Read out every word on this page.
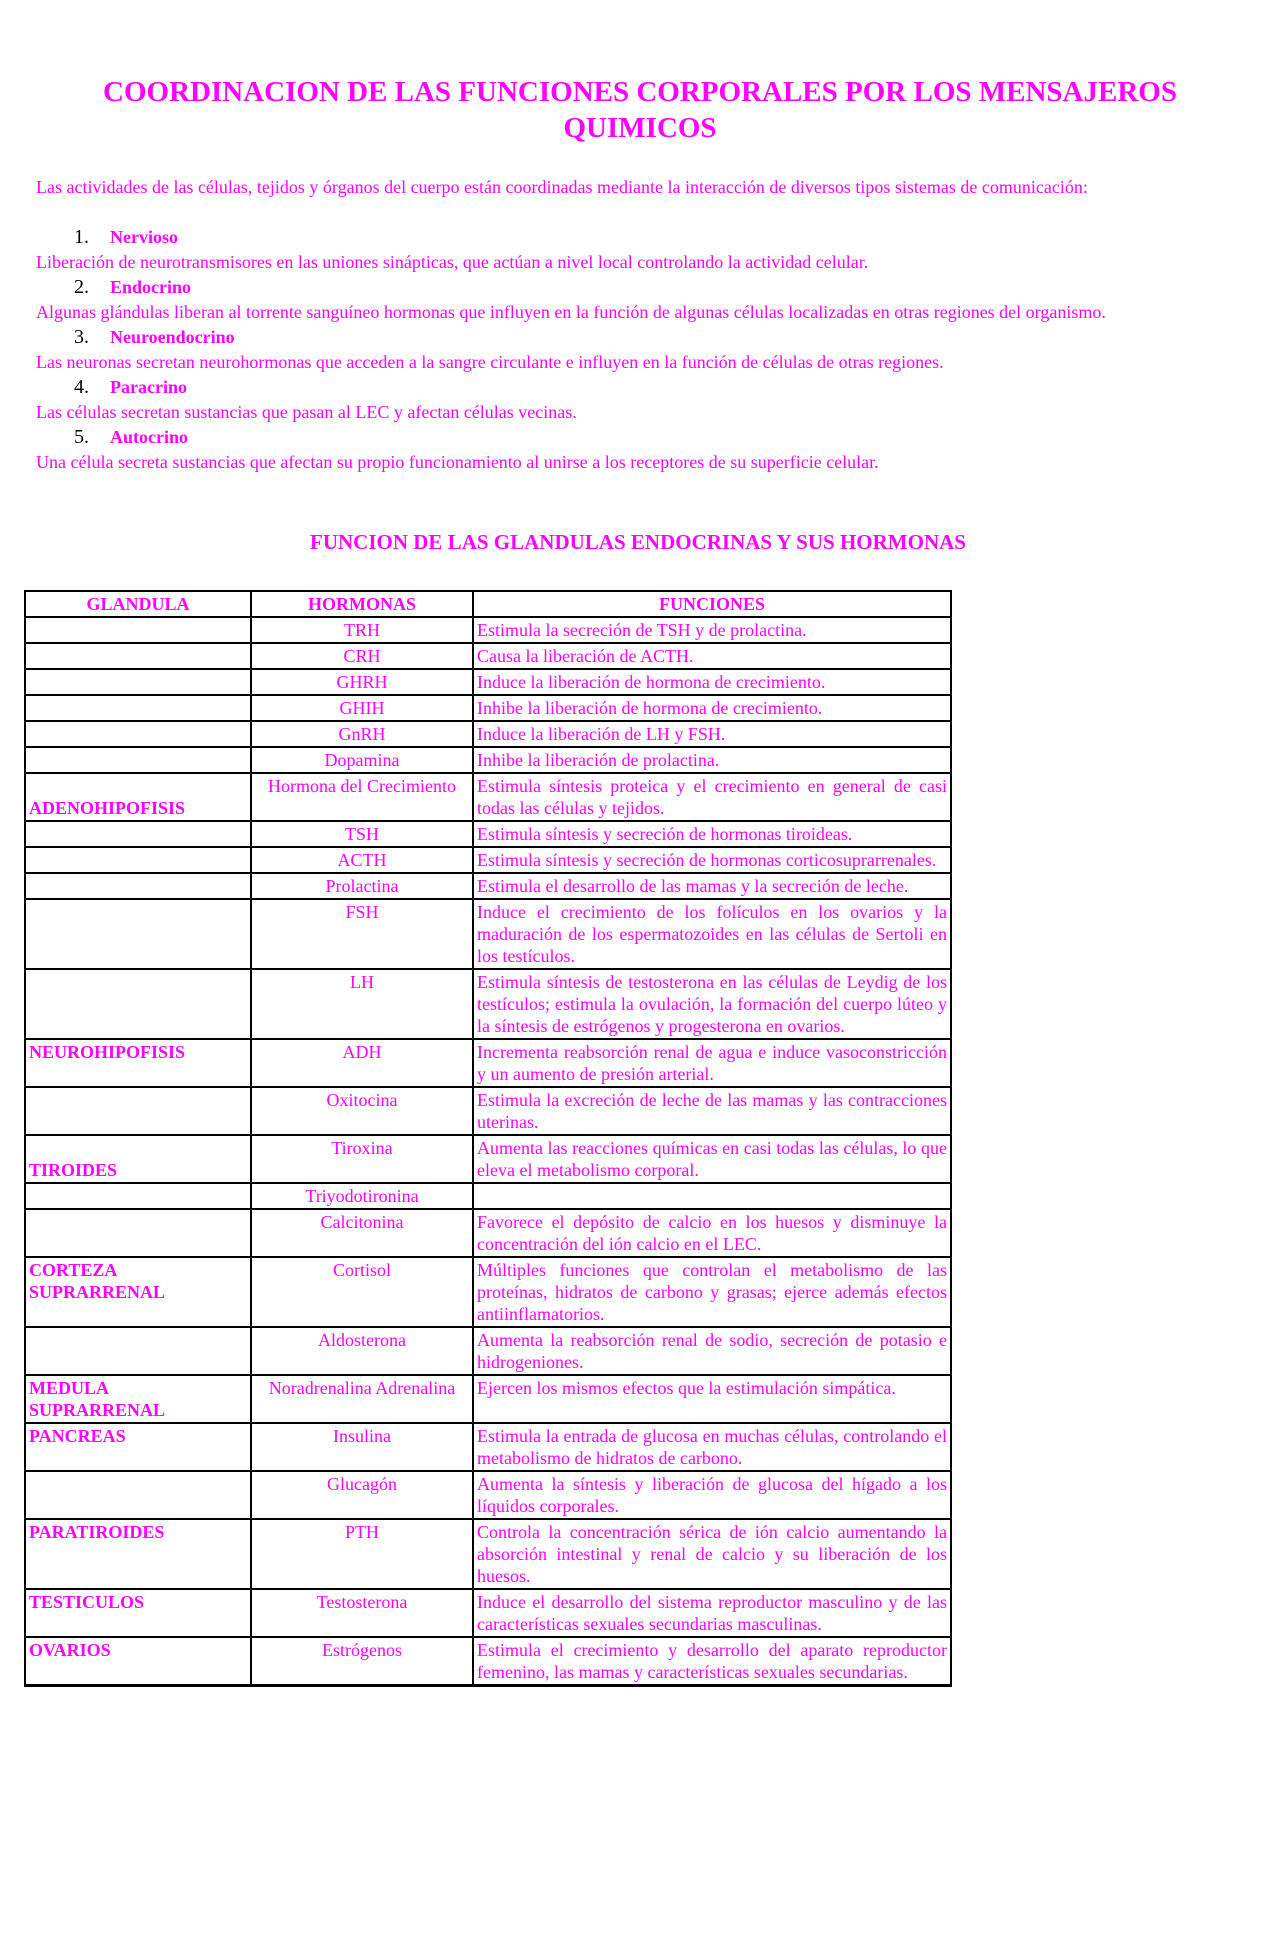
COORDINACION DE LAS FUNCIONES CORPORALES POR LOS MENSAJEROS QUIMICOS

Las actividades de las células, tejidos y órganos del cuerpo están coordinadas mediante la interacción de diversos tipos sistemas de comunicación:

1. Nervioso
Liberación de neurotransmisores en las uniones sinápticas, que actúan a nivel local controlando la actividad celular.
2. Endocrino
Algunas glándulas liberan al torrente sanguíneo hormonas que influyen en la función de algunas células localizadas en otras regiones del organismo.
3. Neuroendocrino
Las neuronas secretan neurohormonas que acceden a la sangre circulante e influyen en la función de células de otras regiones.
4. Paracrino
Las células secretan sustancias que pasan al LEC y afectan células vecinas.
5. Autocrino
Una célula secreta sustancias que afectan su propio funcionamiento al unirse a los receptores de su superficie celular.
FUNCION DE LAS GLANDULAS ENDOCRINAS Y SUS HORMONAS
GLANDULA	HORMONAS	FUNCIONES
	TRH	Estimula la secreción de TSH y de prolactina.
	CRH	Causa la liberación de ACTH.
	GHRH	Induce la liberación de hormona de crecimiento.
	GHIH	Inhibe la liberación de hormona de crecimiento.
	GnRH	Induce la liberación de LH y FSH.
	Dopamina	Inhibe la liberación de prolactina.
ADENOHIPOFISIS	Hormona del Crecimiento	Estimula síntesis proteica y el crecimiento en general de casi todas las células y tejidos.
	TSH	Estimula síntesis y secreción de hormonas tiroideas.
	ACTH	Estimula síntesis y secreción de hormonas corticosuprarrenales.
	Prolactina	Estimula el desarrollo de las mamas y la secreción de leche.
	FSH	Induce el crecimiento de los folículos en los ovarios y la maduración de los espermatozoides en las células de Sertoli en los testículos.
	LH	Estimula síntesis de testosterona en las células de Leydig de los testículos; estimula la ovulación, la formación del cuerpo lúteo y la síntesis de estrógenos y progesterona en ovarios.
NEUROHIPOFISIS	ADH	Incrementa reabsorción renal de agua e induce vasoconstricción y un aumento de presión arterial.
	Oxitocina	Estimula la excreción de leche de las mamas y las contracciones uterinas.
TIROIDES	Tiroxina	Aumenta las reacciones químicas en casi todas las células, lo que eleva el metabolismo corporal.
	Triyodotironina	
	Calcitonina	Favorece el depósito de calcio en los huesos y disminuye la concentración del ión calcio en el LEC.
CORTEZA SUPRARRENAL	Cortisol	Múltiples funciones que controlan el metabolismo de las proteínas, hidratos de carbono y grasas; ejerce además efectos antiinflamatorios.
	Aldosterona	Aumenta la reabsorción renal de sodio, secreción de potasio e hidrogeniones.
MEDULA SUPRARRENAL	Noradrenalina Adrenalina	Ejercen los mismos efectos que la estimulación simpática.
PANCREAS	Insulina	Estimula la entrada de glucosa en muchas células, controlando el metabolismo de hidratos de carbono.
	Glucagón	Aumenta la síntesis y liberación de glucosa del hígado a los líquidos corporales.
PARATIROIDES	PTH	Controla la concentración sérica de ión calcio aumentando la absorción intestinal y renal de calcio y su liberación de los huesos.
TESTICULOS	Testosterona	Induce el desarrollo del sistema reproductor masculino y de las características sexuales secundarias masculinas.
OVARIOS	Estrógenos	Estimula el crecimiento y desarrollo del aparato reproductor femenino, las mamas y características sexuales secundarias.
